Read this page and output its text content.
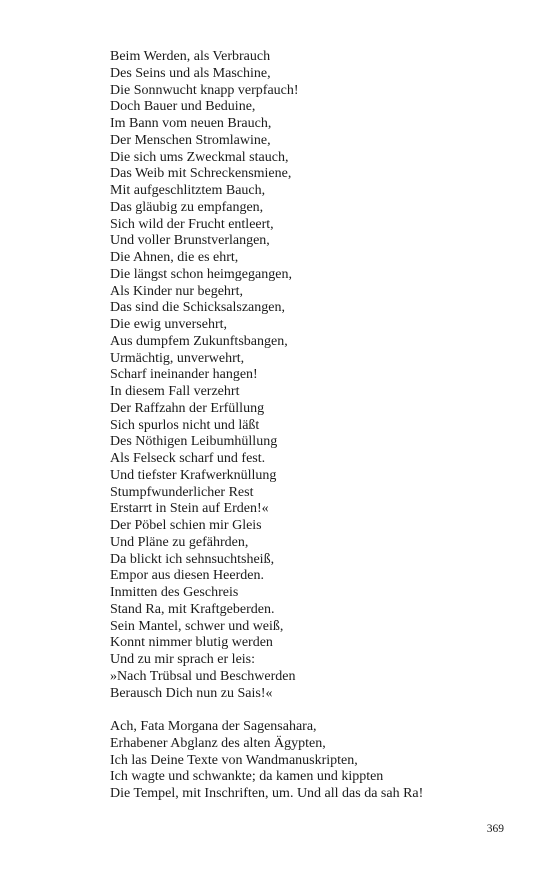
Beim Werden, als Verbrauch
Des Seins und als Maschine,
Die Sonnwucht knapp verpfauch!
Doch Bauer und Beduine,
Im Bann vom neuen Brauch,
Der Menschen Stromlawine,
Die sich ums Zweckmal stauch,
Das Weib mit Schreckensmiene,
Mit aufgeschlitztem Bauch,
Das gläubig zu empfangen,
Sich wild der Frucht entleert,
Und voller Brunstverlangen,
Die Ahnen, die es ehrt,
Die längst schon heimgegangen,
Als Kinder nur begehrt,
Das sind die Schicksalszangen,
Die ewig unversehrt,
Aus dumpfem Zukunftsbangen,
Urmächtig, unverwehrt,
Scharf ineinander hangen!
In diesem Fall verzehrt
Der Raffzahn der Erfüllung
Sich spurlos nicht und läßt
Des Nöthigen Leibumhüllung
Als Felseck scharf und fest.
Und tiefster Krafwerknüllung
Stumpfwunderlicher Rest
Erstarrt in Stein auf Erden!«
Der Pöbel schien mir Gleis
Und Pläne zu gefährden,
Da blickt ich sehnsuchtsheiß,
Empor aus diesen Heerden.
Inmitten des Geschreis
Stand Ra, mit Kraftgeberden.
Sein Mantel, schwer und weiß,
Konnt nimmer blutig werden
Und zu mir sprach er leis:
»Nach Trübsal und Beschwerden
Berausch Dich nun zu Sais!«
Ach, Fata Morgana der Sagensahara,
Erhabener Abglanz des alten Ägypten,
Ich las Deine Texte von Wandmanuskripten,
Ich wagte und schwankte; da kamen und kippten
Die Tempel, mit Inschriften, um. Und all das da sah Ra!
369
